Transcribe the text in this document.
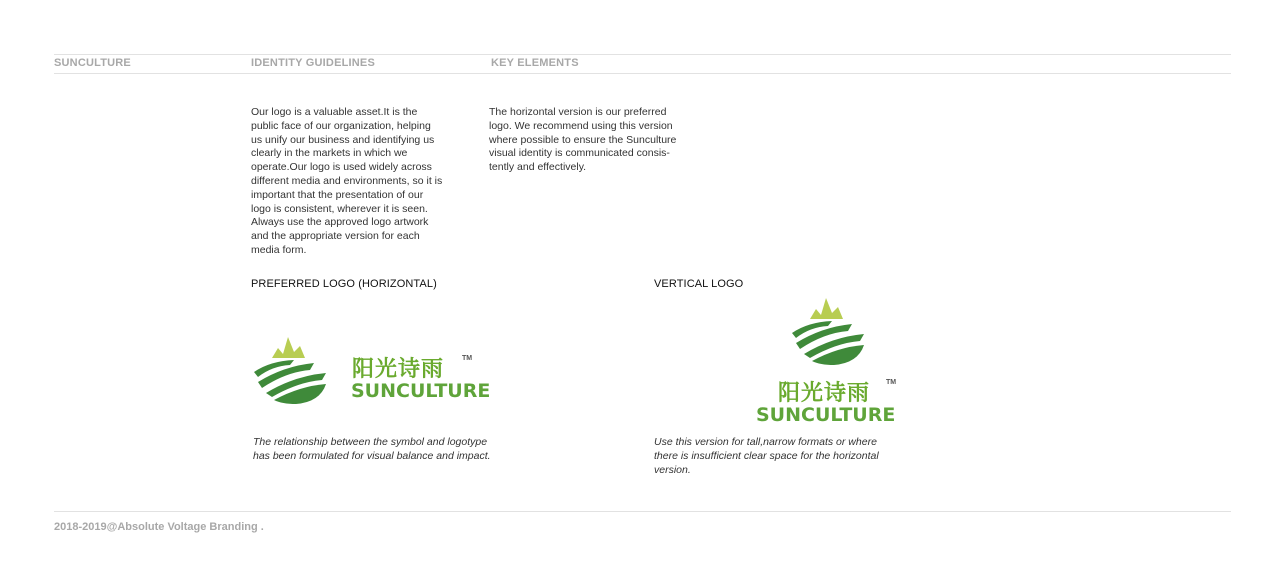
SUNCULTURE	IDENTITY GUIDELINES	KEY ELEMENTS
Our logo is a valuable asset.It is the
public face of our organization, helping
us unify our business and identifying us
clearly in the markets in which we
operate.Our logo is used widely across
different media and environments, so it is
important that the presentation of our
logo is consistent, wherever it is seen.
Always use the approved logo artwork
and the appropriate version for each
media form.
The horizontal version is our preferred
logo. We recommend using this version
where possible to ensure the Sunculture
visual identity is communicated consis-
tently and effectively.
PREFERRED LOGO (HORIZONTAL)	VERTICAL LOGO
阳光诗雨	TM
SUNCULTURE	阳光诗雨 TM
SUNCULTURE
The relationship between the symbol and logotype
has been formulated for visual balance and impact.
Use this version for tall,narrow formats or where
there is insufficient clear space for the horizontal
version.
2018-2019@Absolute Voltage Branding .
